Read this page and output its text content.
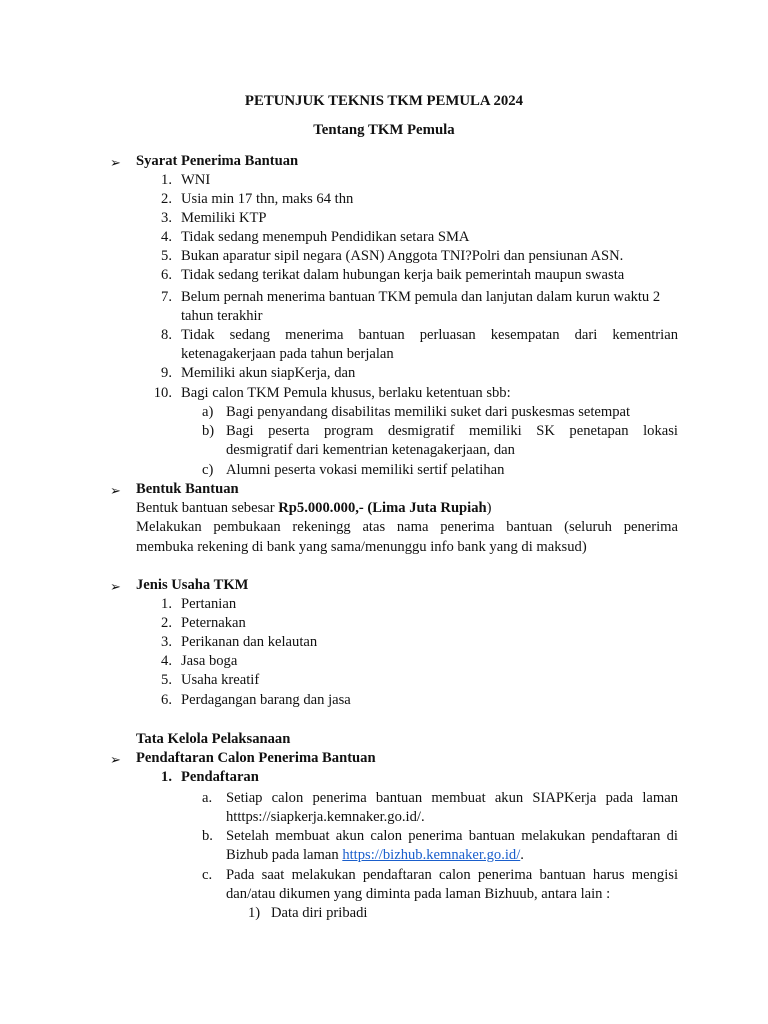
PETUNJUK TEKNIS TKM PEMULA 2024
Tentang TKM Pemula
➢ Syarat Penerima Bantuan
1. WNI
2. Usia min 17 thn, maks 64 thn
3. Memiliki KTP
4. Tidak sedang menempuh Pendidikan setara SMA
5. Bukan aparatur sipil negara (ASN) Anggota TNI?Polri dan pensiunan ASN.
6. Tidak sedang terikat dalam hubungan kerja baik pemerintah maupun swasta
7. Belum pernah menerima bantuan TKM pemula dan lanjutan dalam kurun waktu 2
tahun terakhir
8. Tidak sedang menerima bantuan perluasan kesempatan dari kementrian
ketenagakerjaan pada tahun berjalan
9. Memiliki akun siapKerja, dan
10. Bagi calon TKM Pemula khusus, berlaku ketentuan sbb:
a) Bagi penyandang disabilitas memiliki suket dari puskesmas setempat
b) Bagi peserta program desmigratif memiliki SK penetapan lokasi
desmigratif dari kementrian ketenagakerjaan, dan
c) Alumni peserta vokasi memiliki sertif pelatihan
➢ Bentuk Bantuan
Bentuk bantuan sebesar Rp5.000.000,- (Lima Juta Rupiah)
Melakukan pembukaan rekeningg atas nama penerima bantuan (seluruh penerima
membuka rekening di bank yang sama/menunggu info bank yang di maksud)
➢ Jenis Usaha TKM
1. Pertanian
2. Peternakan
3. Perikanan dan kelautan
4. Jasa boga
5. Usaha kreatif
6. Perdagangan barang dan jasa
Tata Kelola Pelaksanaan
➢ Pendaftaran Calon Penerima Bantuan
1. Pendaftaran
a. Setiap calon penerima bantuan membuat akun SIAPKerja pada laman
htttps://siapkerja.kemnaker.go.id/.
b. Setelah membuat akun calon penerima bantuan melakukan pendaftaran di
Bizhub pada laman https://bizhub.kemnaker.go.id/.
c. Pada saat melakukan pendaftaran calon penerima bantuan harus mengisi
dan/atau dikumen yang diminta pada laman Bizhuub, antara lain :
1) Data diri pribadi
